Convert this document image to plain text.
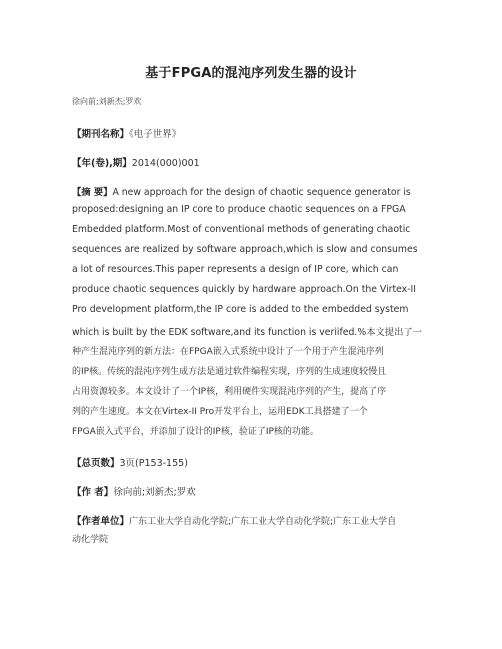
基于FPGA的混沌序列发生器的设计
徐向前;刘新杰;罗欢
【期刊名称】《电子世界》
【年(卷),期】2014(000)001
【摘 要】A new approach for the design of chaotic sequence generator is
proposed:designing an IP core to produce chaotic sequences on a FPGA
Embedded platform.Most of conventional methods of generating chaotic
sequences are realized by software approach,which is slow and consumes
a lot of resources.This paper represents a design of IP core, which can
produce chaotic sequences quickly by hardware approach.On the Virtex-II
Pro development platform,the IP core is added to the embedded system
which is built by the EDK software,and its function is veriifed.%本文提出了一
种产生混沌序列的新方法：在FPGA嵌入式系统中设计了一个用于产生混沌序列
的IP核。传统的混沌序列生成方法是通过软件编程实现，序列的生成速度较慢且
占用资源较多。本文设计了一个IP核，利用硬件实现混沌序列的产生，提高了序
列的产生速度。本文在Virtex-II Pro开发平台上，运用EDK工具搭建了一个
FPGA嵌入式平台，并添加了设计的IP核，验证了IP核的功能。
【总页数】3页(P153-155)
【作 者】徐向前;刘新杰;罗欢
【作者单位】广东工业大学自动化学院;广东工业大学自动化学院;广东工业大学自
动化学院
